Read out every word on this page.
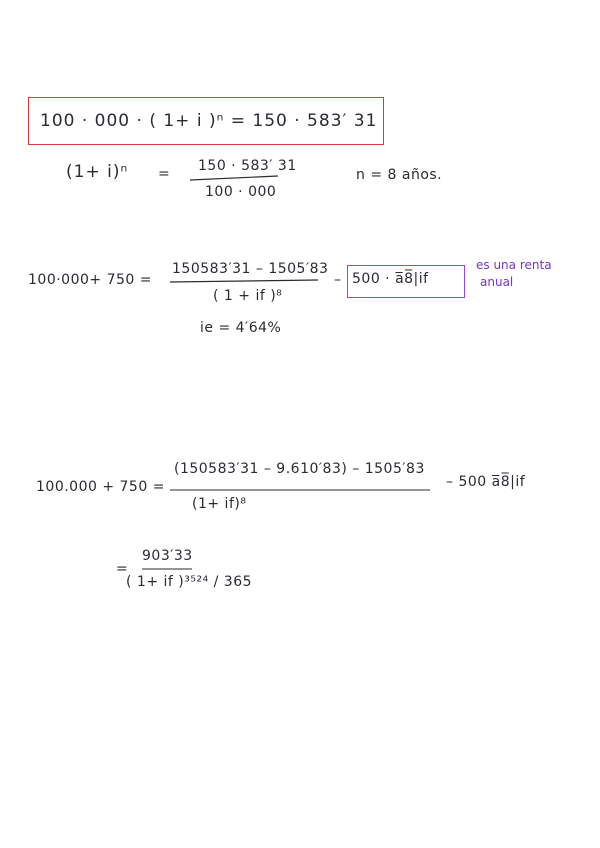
100 · 000 · ( 1+ i )ⁿ = 150 · 583′ 31
(1+ i)ⁿ = 150 · 583′ 31
100 · 000
n = 8 años.
100·000+ 750 =
150583′31 – 1505′83
( 1 + if )⁸
– 500 · a̅8̅|if
es una renta
anual
ie = 4′64%
100.000 + 750 =
(150583′31 – 9.610′83) – 1505′83
(1+ if)⁸
– 500 a̅8̅|if
=
903′33
( 1+ if )³⁵²⁴ / 365
